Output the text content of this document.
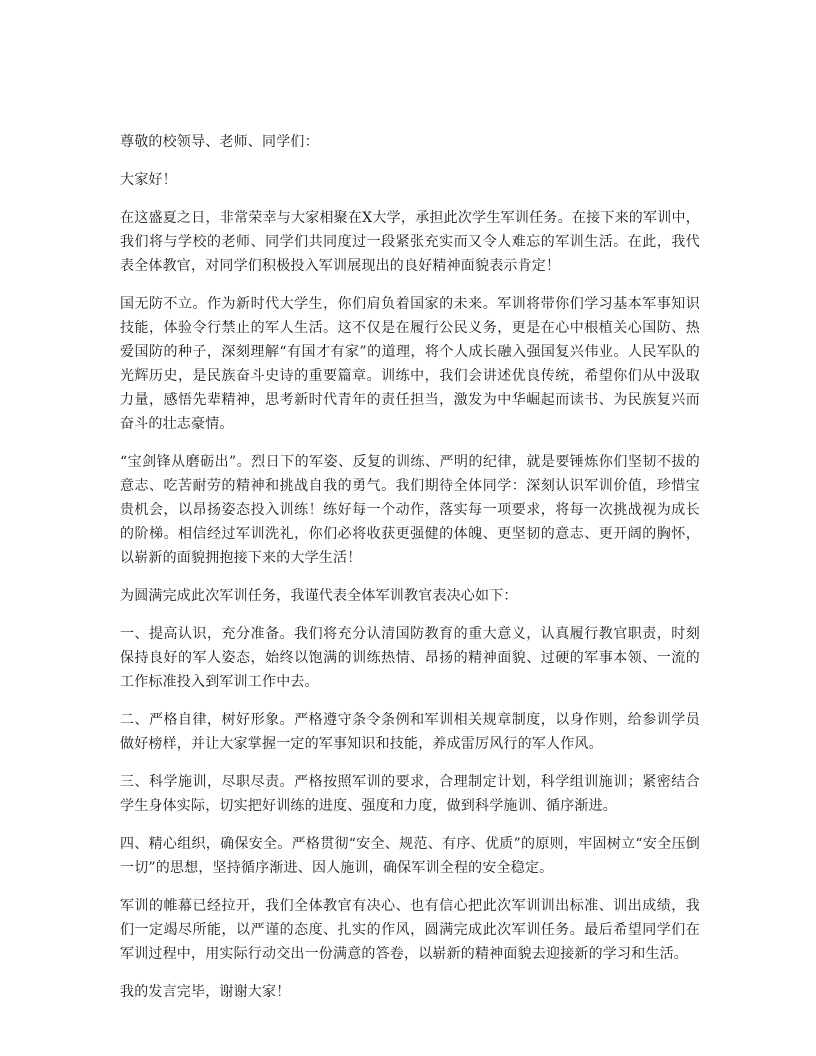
尊敬的校领导、老师、同学们：

大家好！

在这盛夏之日，非常荣幸与大家相聚在X大学，承担此次学生军训任务。在接下来的军训中，我们将与学校的老师、同学们共同度过一段紧张充实而又令人难忘的军训生活。在此，我代表全体教官，对同学们积极投入军训展现出的良好精神面貌表示肯定！

国无防不立。作为新时代大学生，你们肩负着国家的未来。军训将带你们学习基本军事知识技能，体验令行禁止的军人生活。这不仅是在履行公民义务，更是在心中根植关心国防、热爱国防的种子，深刻理解“有国才有家”的道理，将个人成长融入强国复兴伟业。人民军队的光辉历史，是民族奋斗史诗的重要篇章。训练中，我们会讲述优良传统，希望你们从中汲取力量，感悟先辈精神，思考新时代青年的责任担当，激发为中华崛起而读书、为民族复兴而奋斗的壮志豪情。

“宝剑锋从磨砺出”。烈日下的军姿、反复的训练、严明的纪律，就是要锤炼你们坚韧不拔的意志、吃苦耐劳的精神和挑战自我的勇气。我们期待全体同学：深刻认识军训价值，珍惜宝贵机会，以昂扬姿态投入训练！练好每一个动作，落实每一项要求，将每一次挑战视为成长的阶梯。相信经过军训洗礼，你们必将收获更强健的体魄、更坚韧的意志、更开阔的胸怀，以崭新的面貌拥抱接下来的大学生活！

为圆满完成此次军训任务，我谨代表全体军训教官表决心如下：

一、提高认识，充分准备。我们将充分认清国防教育的重大意义，认真履行教官职责，时刻保持良好的军人姿态，始终以饱满的训练热情、昂扬的精神面貌、过硬的军事本领、一流的工作标准投入到军训工作中去。

二、严格自律，树好形象。严格遵守条令条例和军训相关规章制度，以身作则，给参训学员做好榜样，并让大家掌握一定的军事知识和技能，养成雷厉风行的军人作风。

三、科学施训，尽职尽责。严格按照军训的要求，合理制定计划，科学组训施训；紧密结合学生身体实际，切实把好训练的进度、强度和力度，做到科学施训、循序渐进。

四、精心组织，确保安全。严格贯彻“安全、规范、有序、优质”的原则，牢固树立“安全压倒一切”的思想，坚持循序渐进、因人施训，确保军训全程的安全稳定。

军训的帷幕已经拉开，我们全体教官有决心、也有信心把此次军训训出标准、训出成绩，我们一定竭尽所能，以严谨的态度、扎实的作风，圆满完成此次军训任务。最后希望同学们在军训过程中，用实际行动交出一份满意的答卷，以崭新的精神面貌去迎接新的学习和生活。

我的发言完毕，谢谢大家！
